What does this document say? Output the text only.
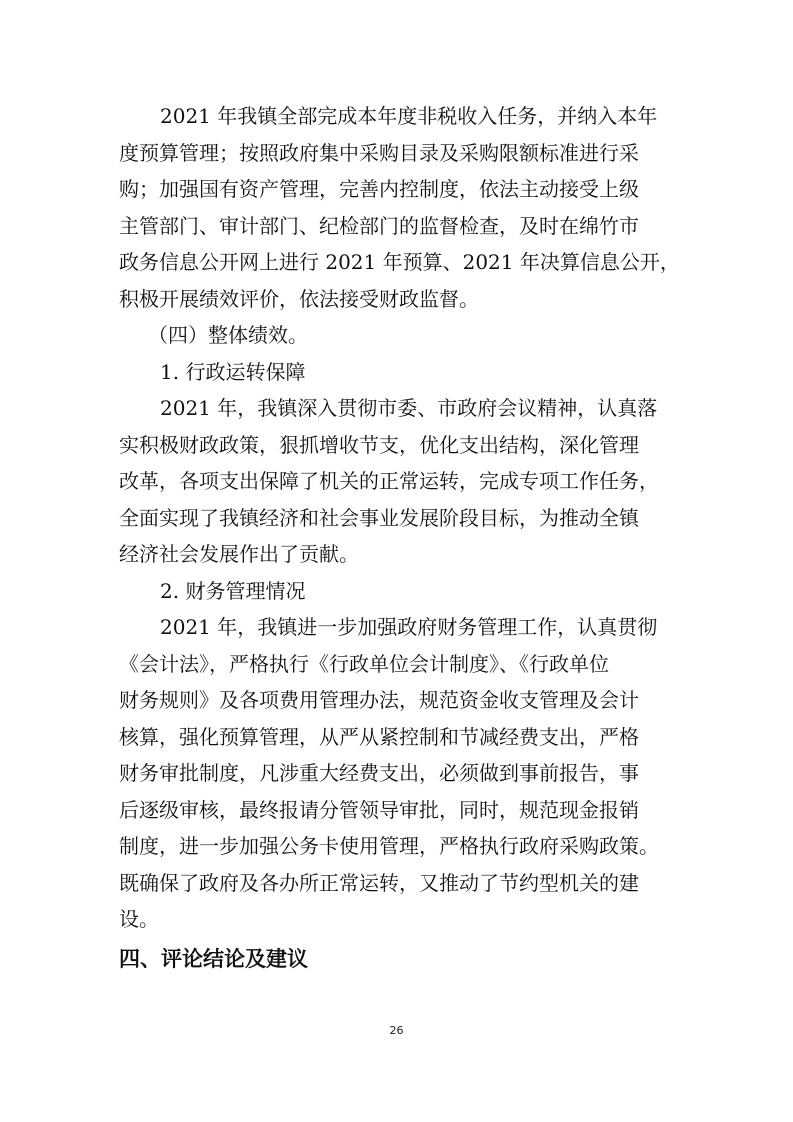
2021 年我镇全部完成本年度非税收入任务，并纳入本年
度预算管理；按照政府集中采购目录及采购限额标准进行采
购；加强国有资产管理，完善内控制度，依法主动接受上级
主管部门、审计部门、纪检部门的监督检查，及时在绵竹市
政务信息公开网上进行 2021 年预算、2021 年决算信息公开，
积极开展绩效评价，依法接受财政监督。
（四）整体绩效。
1. 行政运转保障
2021 年，我镇深入贯彻市委、市政府会议精神，认真落
实积极财政政策，狠抓增收节支，优化支出结构，深化管理
改革，各项支出保障了机关的正常运转，完成专项工作任务，
全面实现了我镇经济和社会事业发展阶段目标，为推动全镇
经济社会发展作出了贡献。
2. 财务管理情况
2021 年，我镇进一步加强政府财务管理工作，认真贯彻
《会计法》，严格执行《行政单位会计制度》、《行政单位
财务规则》及各项费用管理办法，规范资金收支管理及会计
核算，强化预算管理，从严从紧控制和节减经费支出，严格
财务审批制度，凡涉重大经费支出，必须做到事前报告，事
后逐级审核，最终报请分管领导审批，同时，规范现金报销
制度，进一步加强公务卡使用管理，严格执行政府采购政策。
既确保了政府及各办所正常运转，又推动了节约型机关的建
设。
四、评论结论及建议
26
